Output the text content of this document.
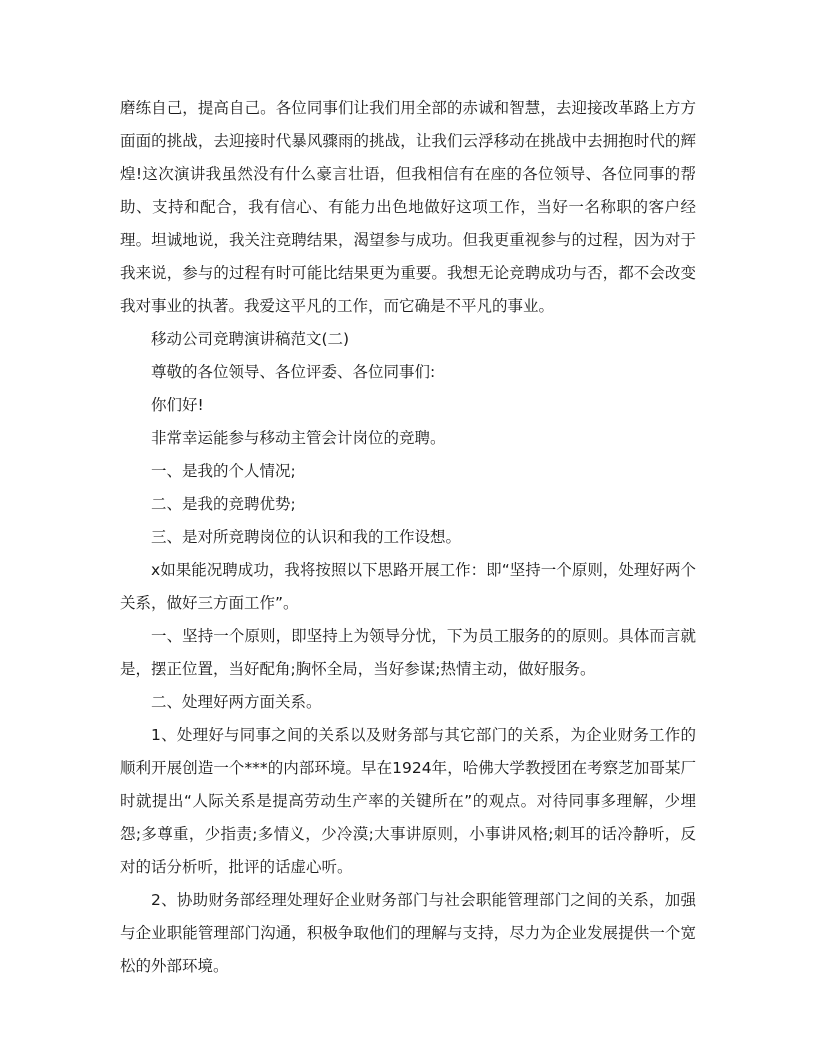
磨练自己，提高自己。各位同事们让我们用全部的赤诚和智慧，去迎接改革路上方方面面的挑战，去迎接时代暴风骤雨的挑战，让我们云浮移动在挑战中去拥抱时代的辉煌!这次演讲我虽然没有什么豪言壮语，但我相信有在座的各位领导、各位同事的帮助、支持和配合，我有信心、有能力出色地做好这项工作，当好一名称职的客户经理。坦诚地说，我关注竞聘结果，渴望参与成功。但我更重视参与的过程，因为对于我来说，参与的过程有时可能比结果更为重要。我想无论竞聘成功与否，都不会改变我对事业的执著。我爱这平凡的工作，而它确是不平凡的事业。

移动公司竞聘演讲稿范文(二)

尊敬的各位领导、各位评委、各位同事们:

你们好!

非常幸运能参与移动主管会计岗位的竞聘。

一、是我的个人情况;

二、是我的竞聘优势;

三、是对所竞聘岗位的认识和我的工作设想。

x如果能况聘成功，我将按照以下思路开展工作：即“坚持一个原则，处理好两个关系，做好三方面工作”。

一、坚持一个原则，即坚持上为领导分忧，下为员工服务的的原则。具体而言就是，摆正位置，当好配角;胸怀全局，当好参谋;热情主动，做好服务。

二、处理好两方面关系。

1、处理好与同事之间的关系以及财务部与其它部门的关系，为企业财务工作的顺利开展创造一个***的内部环境。早在1924年，哈佛大学教授团在考察芝加哥某厂时就提出“人际关系是提高劳动生产率的关键所在”的观点。对待同事多理解，少埋怨;多尊重，少指责;多情义，少冷漠;大事讲原则，小事讲风格;刺耳的话冷静听，反对的话分析听，批评的话虚心听。

2、协助财务部经理处理好企业财务部门与社会职能管理部门之间的关系，加强与企业职能管理部门沟通，积极争取他们的理解与支持，尽力为企业发展提供一个宽松的外部环境。
